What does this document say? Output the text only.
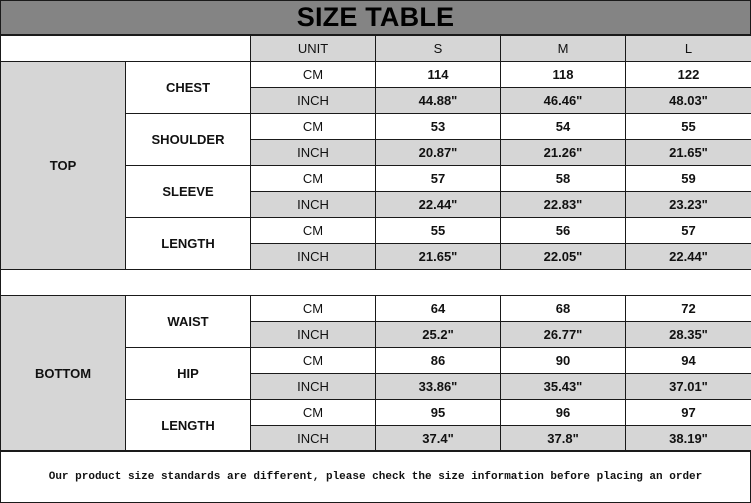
SIZE TABLE
UNIT	S	M	L
TOP
CHEST
CM	114	118	122
INCH	44.88"	46.46"	48.03"
SHOULDER
CM	53	54	55
INCH	20.87"	21.26"	21.65"
SLEEVE
CM	57	58	59
INCH	22.44"	22.83"	23.23"
LENGTH
CM	55	56	57
INCH	21.65"	22.05"	22.44"
BOTTOM
WAIST
CM	64	68	72
INCH	25.2"	26.77"	28.35"
HIP
CM	86	90	94
INCH	33.86"	35.43"	37.01"
LENGTH
CM	95	96	97
INCH	37.4"	37.8"	38.19"
Our product size standards are different, please check the size information before placing an order
